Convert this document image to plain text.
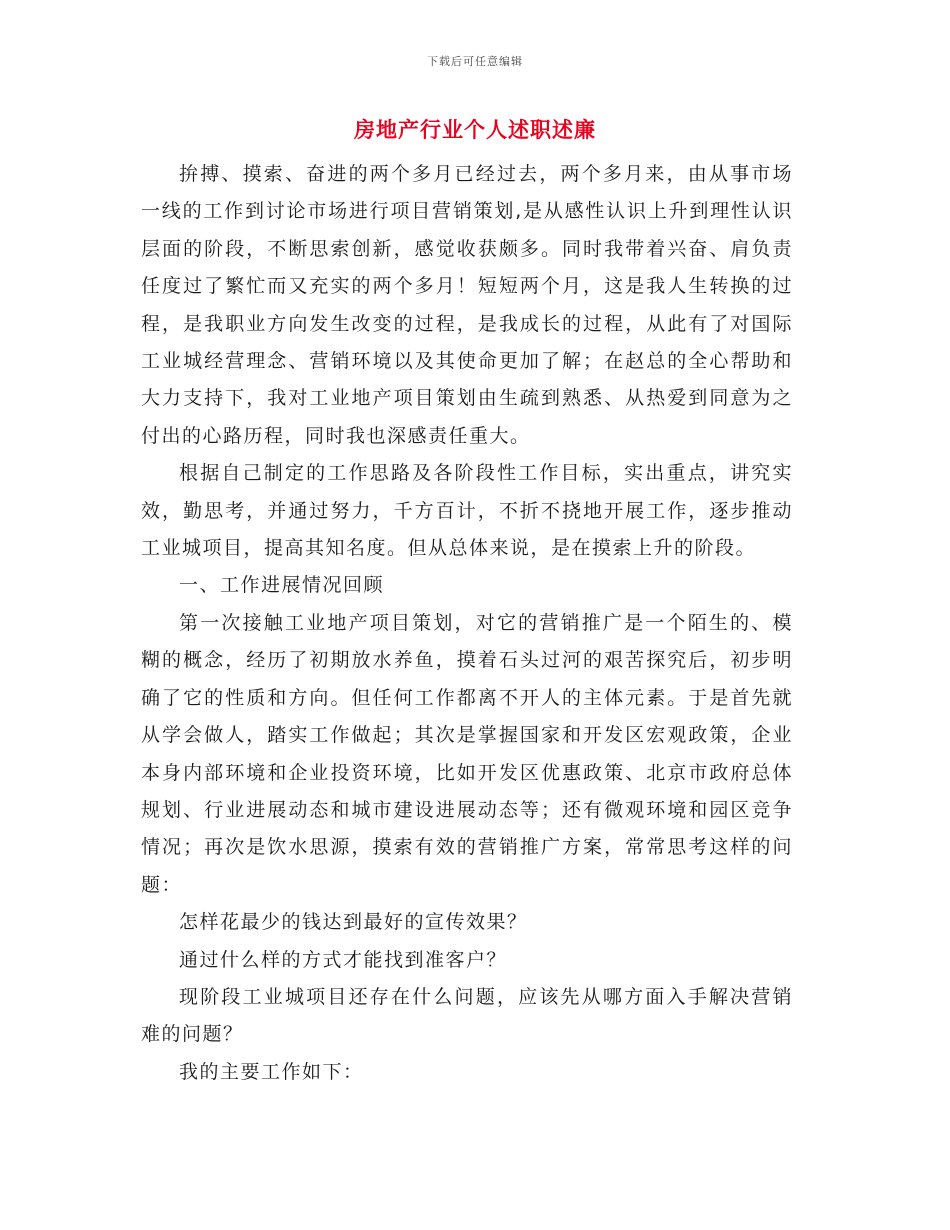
下载后可任意编辑
房地产行业个人述职述廉

拚搏、摸索、奋进的两个多月已经过去，两个多月来，由从事市场一线的工作到讨论市场进行项目营销策划,是从感性认识上升到理性认识层面的阶段，不断思索创新，感觉收获颇多。同时我带着兴奋、肩负责任度过了繁忙而又充实的两个多月！短短两个月，这是我人生转换的过程，是我职业方向发生改变的过程，是我成长的过程，从此有了对国际工业城经营理念、营销环境以及其使命更加了解；在赵总的全心帮助和大力支持下，我对工业地产项目策划由生疏到熟悉、从热爱到同意为之付出的心路历程，同时我也深感责任重大。

根据自己制定的工作思路及各阶段性工作目标，实出重点，讲究实效，勤思考，并通过努力，千方百计，不折不挠地开展工作，逐步推动工业城项目，提高其知名度。但从总体来说，是在摸索上升的阶段。

一、工作进展情况回顾

第一次接触工业地产项目策划，对它的营销推广是一个陌生的、模糊的概念，经历了初期放水养鱼，摸着石头过河的艰苦探究后，初步明确了它的性质和方向。但任何工作都离不开人的主体元素。于是首先就从学会做人，踏实工作做起；其次是掌握国家和开发区宏观政策，企业本身内部环境和企业投资环境，比如开发区优惠政策、北京市政府总体规划、行业进展动态和城市建设进展动态等；还有微观环境和园区竞争情况；再次是饮水思源，摸索有效的营销推广方案，常常思考这样的问题：

怎样花最少的钱达到最好的宣传效果？

通过什么样的方式才能找到准客户？

现阶段工业城项目还存在什么问题，应该先从哪方面入手解决营销难的问题？

我的主要工作如下：
